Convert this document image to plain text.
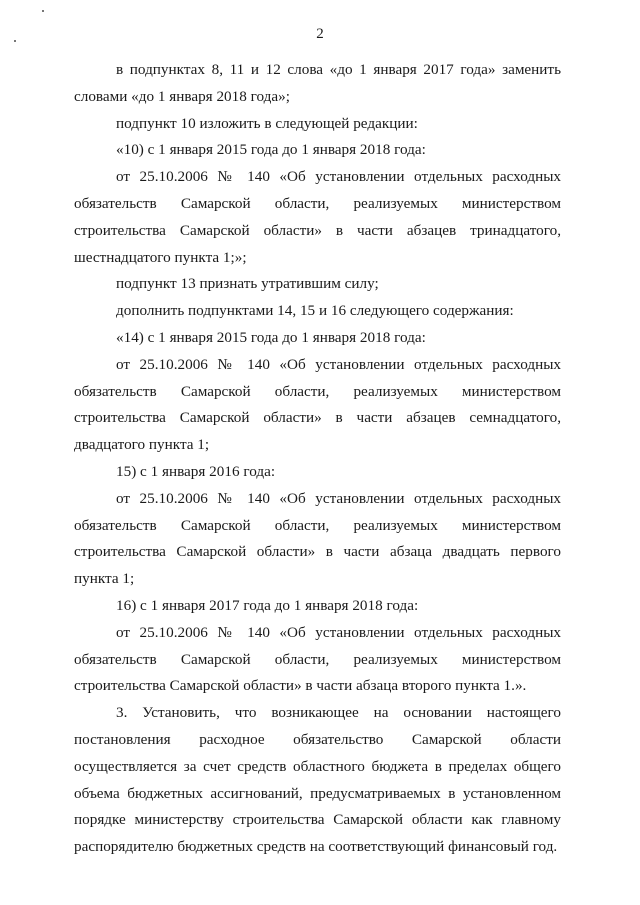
2

в подпунктах 8, 11 и 12 слова «до 1 января 2017 года» заменить словами «до 1 января 2018 года»;

подпункт 10 изложить в следующей редакции:

«10) с 1 января 2015 года до 1 января 2018 года:

от 25.10.2006 № 140 «Об установлении отдельных расходных обязательств Самарской области, реализуемых министерством строительства Самарской области» в части абзацев тринадцатого, шестнадцатого пункта 1;»;

подпункт 13 признать утратившим силу;

дополнить подпунктами 14, 15 и 16 следующего содержания:

«14) с 1 января 2015 года до 1 января 2018 года:

от 25.10.2006 № 140 «Об установлении отдельных расходных обязательств Самарской области, реализуемых министерством строительства Самарской области» в части абзацев семнадцатого, двадцатого пункта 1;

15) с 1 января 2016 года:

от 25.10.2006 № 140 «Об установлении отдельных расходных обязательств Самарской области, реализуемых министерством строительства Самарской области» в части абзаца двадцать первого пункта 1;

16) с 1 января 2017 года до 1 января 2018 года:

от 25.10.2006 № 140 «Об установлении отдельных расходных обязательств Самарской области, реализуемых министерством строительства Самарской области» в части абзаца второго пункта 1.».

3. Установить, что возникающее на основании настоящего постановления расходное обязательство Самарской области осуществляется за счет средств областного бюджета в пределах общего объема бюджетных ассигнований, предусматриваемых в установленном порядке министерству строительства Самарской области как главному распорядителю бюджетных средств на соответствующий финансовый год.
